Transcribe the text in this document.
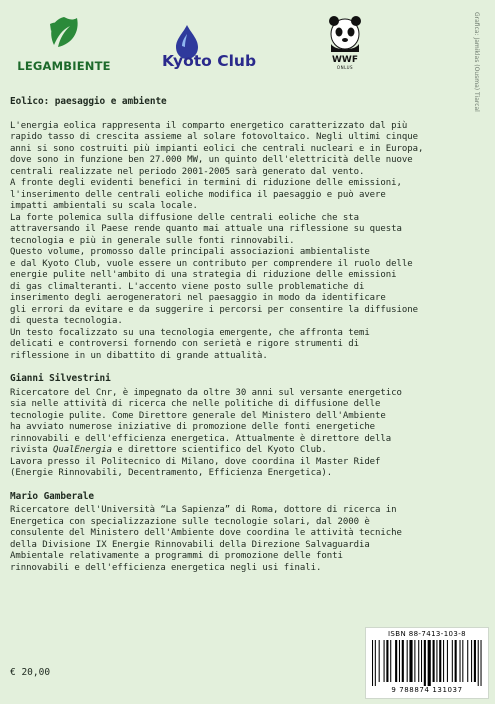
LEGAMBIENTE	Kyoto Club	WWF
ONLUS	Grafica: Jamiklas (Ousma) Tiarcal

Eolico: paesaggio e ambiente

L'energia eolica rappresenta il comparto energetico caratterizzato dal più
rapido tasso di crescita assieme al solare fotovoltaico. Negli ultimi cinque
anni si sono costruiti più impianti eolici che centrali nucleari e in Europa,
dove sono in funzione ben 27.000 MW, un quinto dell'elettricità delle nuove
centrali realizzate nel periodo 2001-2005 sarà generato dal vento.
A fronte degli evidenti benefici in termini di riduzione delle emissioni,
l'inserimento delle centrali eoliche modifica il paesaggio e può avere
impatti ambientali su scala locale.
La forte polemica sulla diffusione delle centrali eoliche che sta
attraversando il Paese rende quanto mai attuale una riflessione su questa
tecnologia e più in generale sulle fonti rinnovabili.
Questo volume, promosso dalle principali associazioni ambientaliste
e dal Kyoto Club, vuole essere un contributo per comprendere il ruolo delle
energie pulite nell'ambito di una strategia di riduzione delle emissioni
di gas climalteranti. L'accento viene posto sulle problematiche di
inserimento degli aerogeneratori nel paesaggio in modo da identificare
gli errori da evitare e da suggerire i percorsi per consentire la diffusione
di questa tecnologia.
Un testo focalizzato su una tecnologia emergente, che affronta temi
delicati e controversi fornendo con serietà e rigore strumenti di
riflessione in un dibattito di grande attualità.

Gianni Silvestrini

Ricercatore del Cnr, è impegnato da oltre 30 anni sul versante energetico
sia nelle attività di ricerca che nelle politiche di diffusione delle
tecnologie pulite. Come Direttore generale del Ministero dell'Ambiente
ha avviato numerose iniziative di promozione delle fonti energetiche
rinnovabili e dell'efficienza energetica. Attualmente è direttore della
rivista QualEnergia e direttore scientifico del Kyoto Club.
Lavora presso il Politecnico di Milano, dove coordina il Master Ridef
(Energie Rinnovabili, Decentramento, Efficienza Energetica).

Mario Gamberale

Ricercatore dell'Università “La Sapienza” di Roma, dottore di ricerca in
Energetica con specializzazione sulle tecnologie solari, dal 2000 è
consulente del Ministero dell'Ambiente dove coordina le attività tecniche
della Divisione IX Energie Rinnovabili della Direzione Salvaguardia
Ambientale relativamente a programmi di promozione delle fonti
rinnovabili e dell'efficienza energetica negli usi finali.
€ 20,00
ISBN 88-7413-103-8
9 788874 131037
